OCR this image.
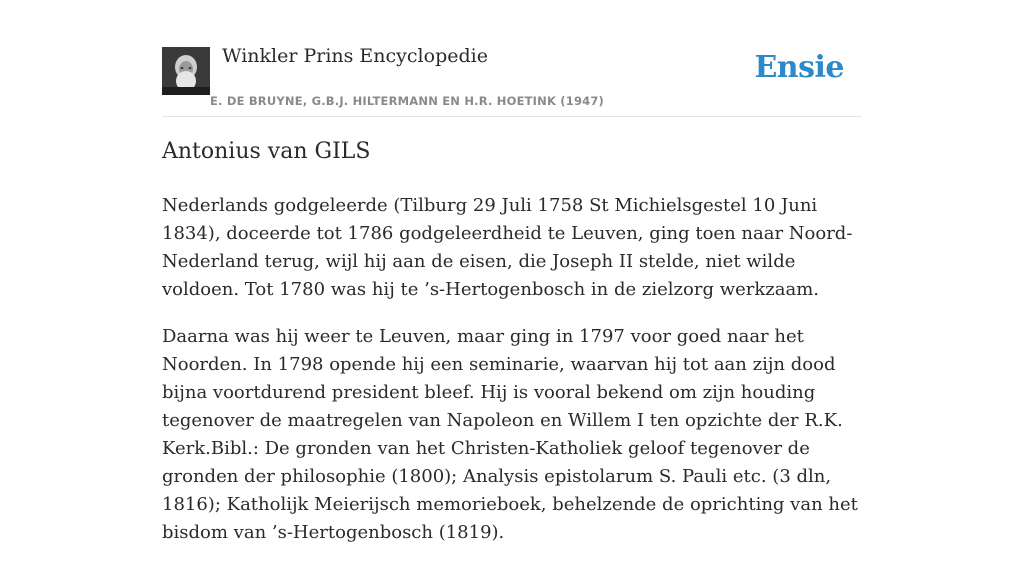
Winkler Prins Encyclopedie
E. DE BRUYNE, G.B.J. HILTERMANN EN H.R. HOETINK (1947)
Ensie
Antonius van GILS

Nederlands godgeleerde (Tilburg 29 Juli 1758 St Michielsgestel 10 Juni 1834), doceerde tot 1786 godgeleerdheid te Leuven, ging toen naar Noord-Nederland terug, wijl hij aan de eisen, die Joseph II stelde, niet wilde voldoen. Tot 1780 was hij te ’s-Hertogenbosch in de zielzorg werkzaam.

Daarna was hij weer te Leuven, maar ging in 1797 voor goed naar het Noorden. In 1798 opende hij een seminarie, waarvan hij tot aan zijn dood bijna voortdurend president bleef. Hij is vooral bekend om zijn houding tegenover de maatregelen van Napoleon en Willem I ten opzichte der R.K. Kerk.Bibl.: De gronden van het Christen-Katholiek geloof tegenover de gronden der philosophie (1800); Analysis epistolarum S. Pauli etc. (3 dln, 1816); Katholijk Meierijsch memorieboek, behelzende de oprichting van het bisdom van ’s-Hertogenbosch (1819).
